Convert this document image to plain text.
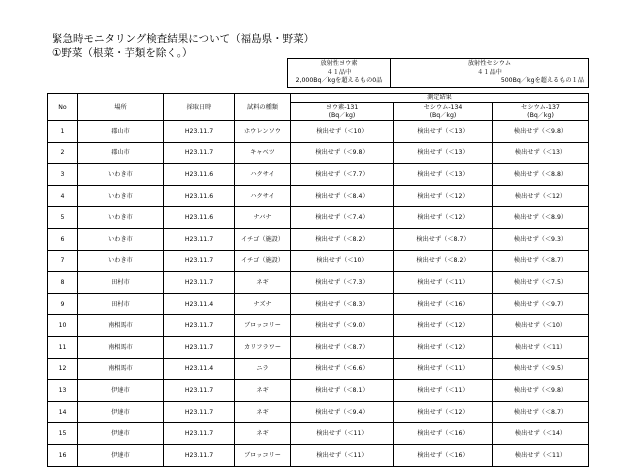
緊急時モニタリング検査結果について（福島県・野菜）
①野菜（根菜・芋類を除く。）
放射性ヨウ素
４１品中
2,000Bq／kgを超えるもの0品

放射性セシウム
４１品中
500Bq／kgを超えるもの１品
No	場所	採取日時	試料の種類	測定結果		
				ヨウ素-131	セシウム-134	セシウム-137
				(Bq／kg)	(Bq／kg)	(Bq／kg)
1	郡山市	H23.11.7	ホウレンソウ	検出せず（＜10）	検出せず（＜13）	検出せず（＜9.8）
2	郡山市	H23.11.7	キャベツ	検出せず（＜9.8）	検出せず（＜13）	検出せず（＜13）
3	いわき市	H23.11.6	ハクサイ	検出せず（＜7.7）	検出せず（＜13）	検出せず（＜8.8）
4	いわき市	H23.11.6	ハクサイ	検出せず（＜8.4）	検出せず（＜12）	検出せず（＜12）
5	いわき市	H23.11.6	ナバナ	検出せず（＜7.4）	検出せず（＜12）	検出せず（＜8.9）
6	いわき市	H23.11.7	イチゴ（施設）	検出せず（＜8.2）	検出せず（＜8.7）	検出せず（＜9.3）
7	いわき市	H23.11.7	イチゴ（施設）	検出せず（＜10）	検出せず（＜8.2）	検出せず（＜8.7）
8	田村市	H23.11.7	ネギ	検出せず（＜7.3）	検出せず（＜11）	検出せず（＜7.5）
9	田村市	H23.11.4	ナズナ	検出せず（＜8.3）	検出せず（＜16）	検出せず（＜9.7）
10	南相馬市	H23.11.7	ブロッコリー	検出せず（＜9.0）	検出せず（＜12）	検出せず（＜10）
11	南相馬市	H23.11.7	カリフラワー	検出せず（＜8.7）	検出せず（＜12）	検出せず（＜11）
12	南相馬市	H23.11.4	ニラ	検出せず（＜6.6）	検出せず（＜11）	検出せず（＜9.5）
13	伊達市	H23.11.7	ネギ	検出せず（＜8.1）	検出せず（＜11）	検出せず（＜9.8）
14	伊達市	H23.11.7	ネギ	検出せず（＜9.4）	検出せず（＜12）	検出せず（＜8.7）
15	伊達市	H23.11.7	ネギ	検出せず（＜11）	検出せず（＜16）	検出せず（＜14）
16	伊達市	H23.11.7	ブロッコリー	検出せず（＜11）	検出せず（＜16）	検出せず（＜11）
